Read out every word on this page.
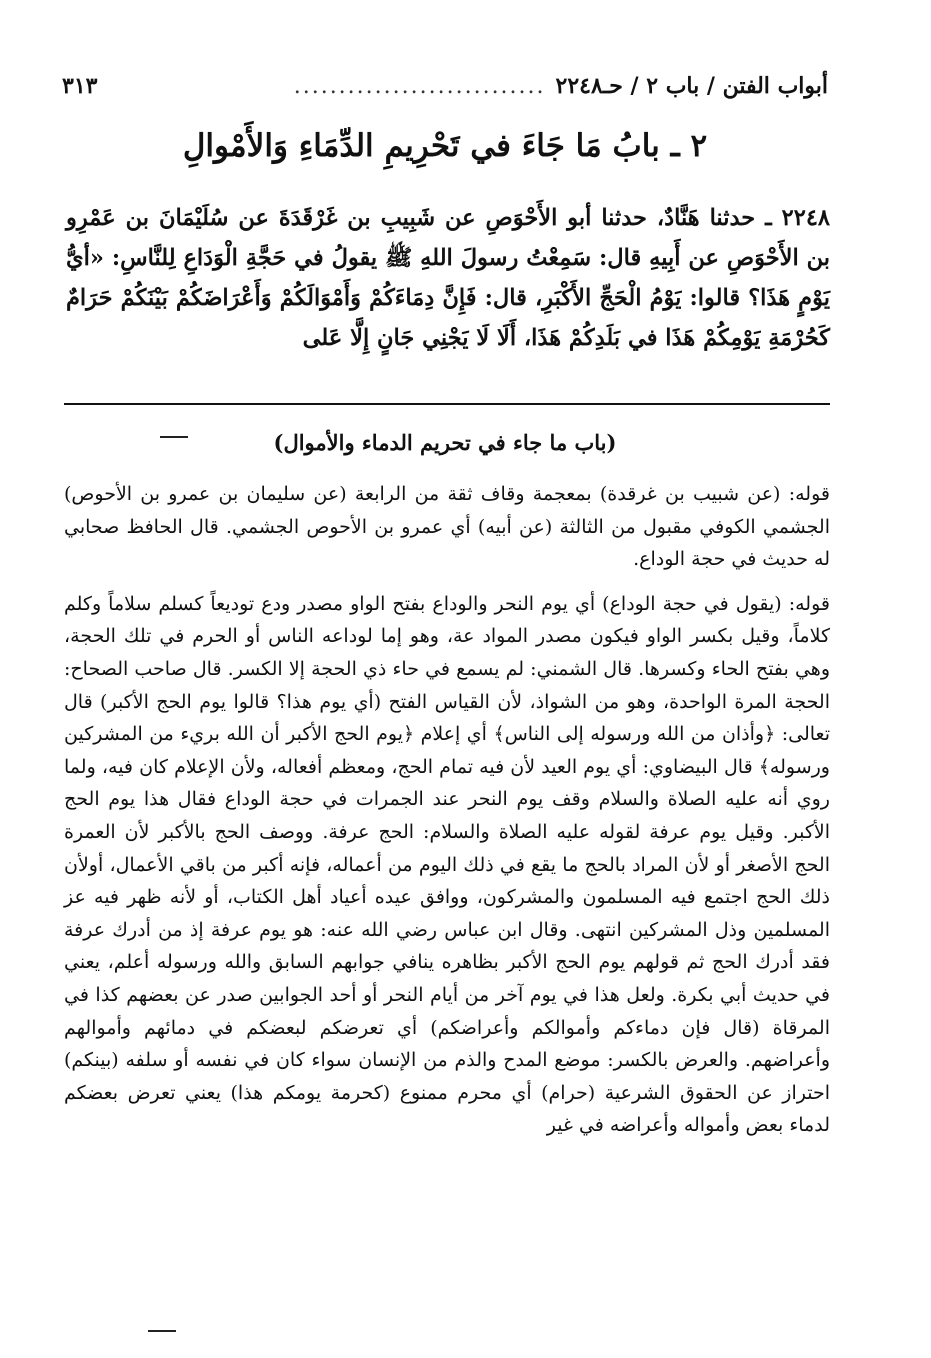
أبواب الفتن / باب ٢ / حـ٢٢٤٨
............................
٣١٣
٢ ـ بابُ مَا جَاءَ في تَحْرِيمِ الدِّمَاءِ وَالأَمْوالِ
٢٢٤٨ ـ حدثنا هَنَّادٌ، حدثنا أبو الأَحْوَصِ عن شَبِيبِ بن غَرْقَدَةَ عن سُلَيْمَانَ بن عَمْرِو بن الأَحْوَصِ عن أَبِيهِ قال: سَمِعْتُ رسولَ اللهِ ﷺ يقولُ في حَجَّةِ الْوَدَاعِ لِلنَّاسِ: «أيُّ يَوْمٍ هَذَا؟ قالوا: يَوْمُ الْحَجِّ الأَكْبَرِ، قال: فَإِنَّ دِمَاءَكُمْ وَأَمْوَالَكُمْ وَأَعْرَاضَكُمْ بَيْنَكُمْ حَرَامٌ كَحُرْمَةِ يَوْمِكُمْ هَذَا في بَلَدِكُمْ هَذَا، أَلَا لَا يَجْنِي جَانٍ إِلَّا عَلى
(باب ما جاء في تحريم الدماء والأموال)

قوله: (عن شبيب بن غرقدة) بمعجمة وقاف ثقة من الرابعة (عن سليمان بن عمرو بن الأحوص) الجشمي الكوفي مقبول من الثالثة (عن أبيه) أي عمرو بن الأحوص الجشمي. قال الحافظ صحابي له حديث في حجة الوداع.

قوله: (يقول في حجة الوداع) أي يوم النحر والوداع بفتح الواو مصدر ودع توديعاً كسلم سلاماً وكلم كلاماً، وقيل بكسر الواو فيكون مصدر المواد عة، وهو إما لوداعه الناس أو الحرم في تلك الحجة، وهي بفتح الحاء وكسرها. قال الشمني: لم يسمع في حاء ذي الحجة إلا الكسر. قال صاحب الصحاح: الحجة المرة الواحدة، وهو من الشواذ، لأن القياس الفتح (أي يوم هذا؟ قالوا يوم الحج الأكبر) قال تعالى: ﴿وأذان من الله ورسوله إلى الناس﴾ أي إعلام ﴿يوم الحج الأكبر أن الله بريء من المشركين ورسوله﴾ قال البيضاوي: أي يوم العيد لأن فيه تمام الحج، ومعظم أفعاله، ولأن الإعلام كان فيه، ولما روي أنه عليه الصلاة والسلام وقف يوم النحر عند الجمرات في حجة الوداع فقال هذا يوم الحج الأكبر. وقيل يوم عرفة لقوله عليه الصلاة والسلام: الحج عرفة. ووصف الحج بالأكبر لأن العمرة الحج الأصغر أو لأن المراد بالحج ما يقع في ذلك اليوم من أعماله، فإنه أكبر من باقي الأعمال، أولأن ذلك الحج اجتمع فيه المسلمون والمشركون، ووافق عيده أعياد أهل الكتاب، أو لأنه ظهر فيه عز المسلمين وذل المشركين انتهى. وقال ابن عباس رضي الله عنه: هو يوم عرفة إذ من أدرك عرفة فقد أدرك الحج ثم قولهم يوم الحج الأكبر بظاهره ينافي جوابهم السابق والله ورسوله أعلم، يعني في حديث أبي بكرة. ولعل هذا في يوم آخر من أيام النحر أو أحد الجوابين صدر عن بعضهم كذا في المرقاة (قال فإن دماءكم وأموالكم وأعراضكم) أي تعرضكم لبعضكم في دمائهم وأموالهم وأعراضهم. والعرض بالكسر: موضع المدح والذم من الإنسان سواء كان في نفسه أو سلفه (بينكم) احتراز عن الحقوق الشرعية (حرام) أي محرم ممنوع (كحرمة يومكم هذا) يعني تعرض بعضكم لدماء بعض وأمواله وأعراضه في غير
